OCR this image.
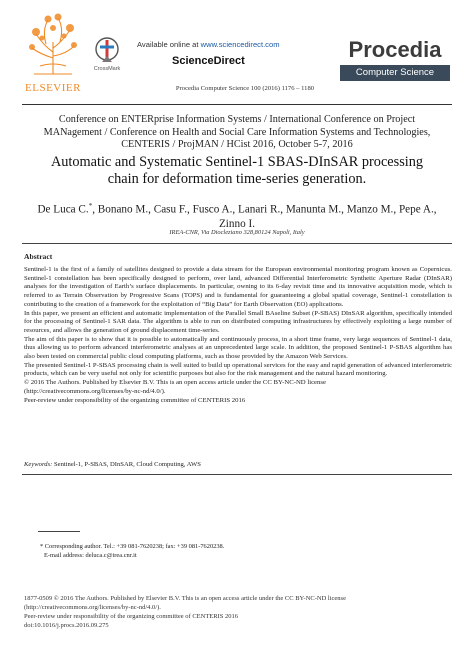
ELSEVIER
CrossMark
Available online at www.sciencedirect.com
ScienceDirect
Procedia Computer Science 100 (2016) 1176 – 1180
Procedia
Computer Science
Conference on ENTERprise Information Systems / International Conference on Project
MANagement / Conference on Health and Social Care Information Systems and Technologies,
CENTERIS / ProjMAN / HCist 2016, October 5-7, 2016
Automatic and Systematic Sentinel-1 SBAS-DInSAR processing
chain for deformation time-series generation.
De Luca C.*, Bonano M., Casu F., Fusco A., Lanari R., Manunta M., Manzo M., Pepe A.,
Zinno I.
IREA-CNR, Via Diocleziano 328,80124 Napoli, Italy
Abstract

Sentinel-1 is the first of a family of satellites designed to provide a data stream for the European environmental monitoring program known as Copernicus. Sentinel-1 constellation has been specifically designed to perform, over land, advanced Differential Interferometric Synthetic Aperture Radar (DInSAR) analyses for the investigation of Earth’s surface displacements. In particular, owning to its 6-day revisit time and its innovative acquisition mode, which is referred to as Terrain Observation by Progressive Scans (TOPS) and is fundamental for guaranteeing a global spatial coverage, Sentinel-1 constellation is contributing to the creation of a framework for the exploitation of “Big Data” for Earth Observation (EO) applications.

In this paper, we present an efficient and automatic implementation of the Parallel Small BAseline Subset (P-SBAS) DInSAR algorithm, specifically intended for the processing of Sentinel-1 SAR data. The algorithm is able to run on distributed computing infrastructures by effectively exploiting a large number of resources, and allows the generation of ground displacement time-series.

The aim of this paper is to show that it is possible to automatically and continuously process, in a short time frame, very large sequences of Sentinel-1 data, thus allowing us to perform advanced interferometric analyses at an unprecedented large scale. In addition, the proposed Sentinel-1 P-SBAS algorithm has also been tested on commercial public cloud computing platforms, such as those provided by the Amazon Web Services.

The presented Sentinel-1 P-SBAS processing chain is well suited to build up operational services for the easy and rapid generation of advanced interferometric products, which can be very useful not only for scientific purposes but also for the risk management and the natural hazard monitoring.

© 2016 The Authors. Published by Elsevier B.V. This is an open access article under the CC BY-NC-ND license

(http://creativecommons.org/licenses/by-nc-nd/4.0/).

Peer-review under responsibility of the organizing committee of CENTERIS 2016

Keywords: Sentinel-1, P-SBAS, DInSAR, Cloud Computing, AWS

* Corresponding author. Tel.: +39 081-7620238; fax: +39 081-7620238.

E-mail address: deluca.c@irea.cnr.it

1877-0509 © 2016 The Authors. Published by Elsevier B.V. This is an open access article under the CC BY-NC-ND license

(http://creativecommons.org/licenses/by-nc-nd/4.0/).

Peer-review under responsibility of the organizing committee of CENTERIS 2016

doi:10.1016/j.procs.2016.09.275
